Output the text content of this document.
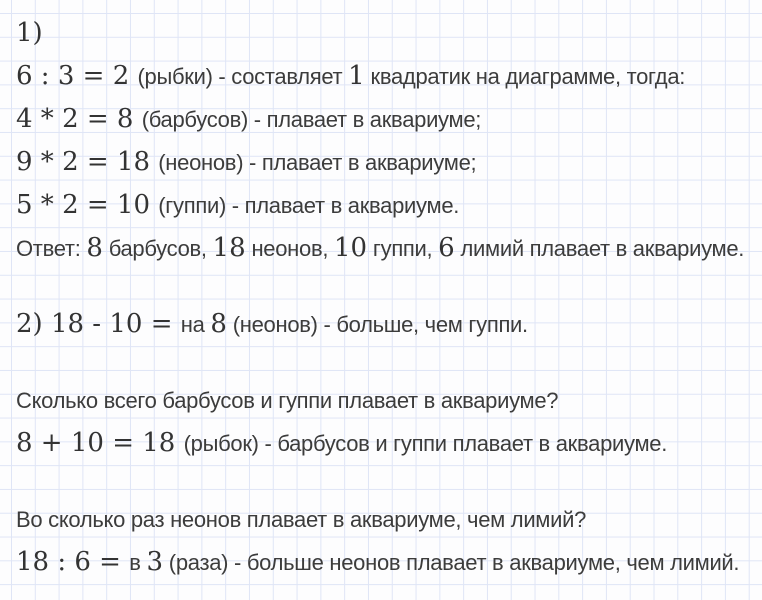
1)
6 : 3 = 2 (рыбки) - составляет 1 квадратик на диаграмме, тогда:
4 * 2 = 8 (барбусов) - плавает в аквариуме;
9 * 2 = 18 (неонов) - плавает в аквариуме;
5 * 2 = 10 (гуппи) - плавает в аквариуме.
Ответ: 8 барбусов, 18 неонов, 10 гуппи, 6 лимий плавает в аквариуме.
2) 18 - 10 = на 8 (неонов) - больше, чем гуппи.
Сколько всего барбусов и гуппи плавает в аквариуме?
8 + 10 = 18 (рыбок) - барбусов и гуппи плавает в аквариуме.
Во сколько раз неонов плавает в аквариуме, чем лимий?
18 : 6 = в 3 (раза) - больше неонов плавает в аквариуме, чем лимий.
